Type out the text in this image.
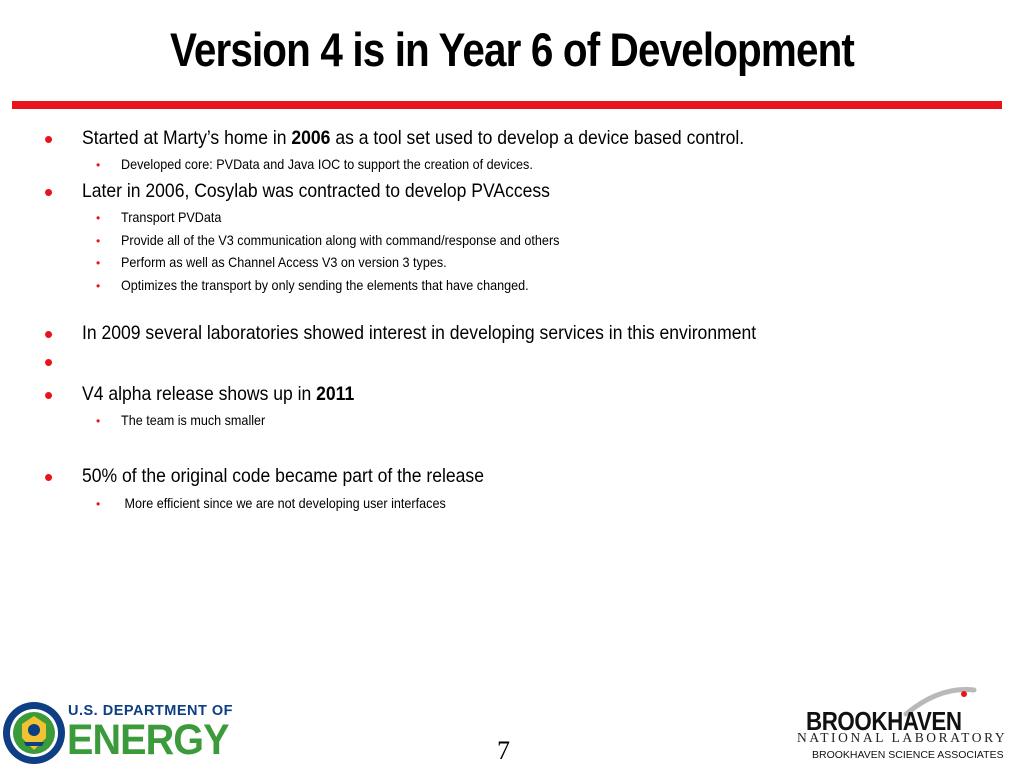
Version 4 is in Year 6 of Development
• Started at Marty’s home in 2006 as a tool set used to develop a device based control.
• Developed core: PVData and Java IOC to support the creation of devices.
• Later in 2006, Cosylab was contracted to develop PVAccess
• Transport PVData
• Provide all of the V3 communication along with command/response and others
• Perform as well as Channel Access V3 on version 3 types.
• Optimizes the transport by only sending the elements that have changed.
• In 2009 several laboratories showed interest in developing services in this environment
•
• V4 alpha release shows up in 2011
• The team is much smaller
• 50% of the original code became part of the release
• More efficient since we are not developing user interfaces
U.S. DEPARTMENT OF
ENERGY	7
BROOKHAVEN
NATIONAL LABORATORY
BROOKHAVEN SCIENCE ASSOCIATES
